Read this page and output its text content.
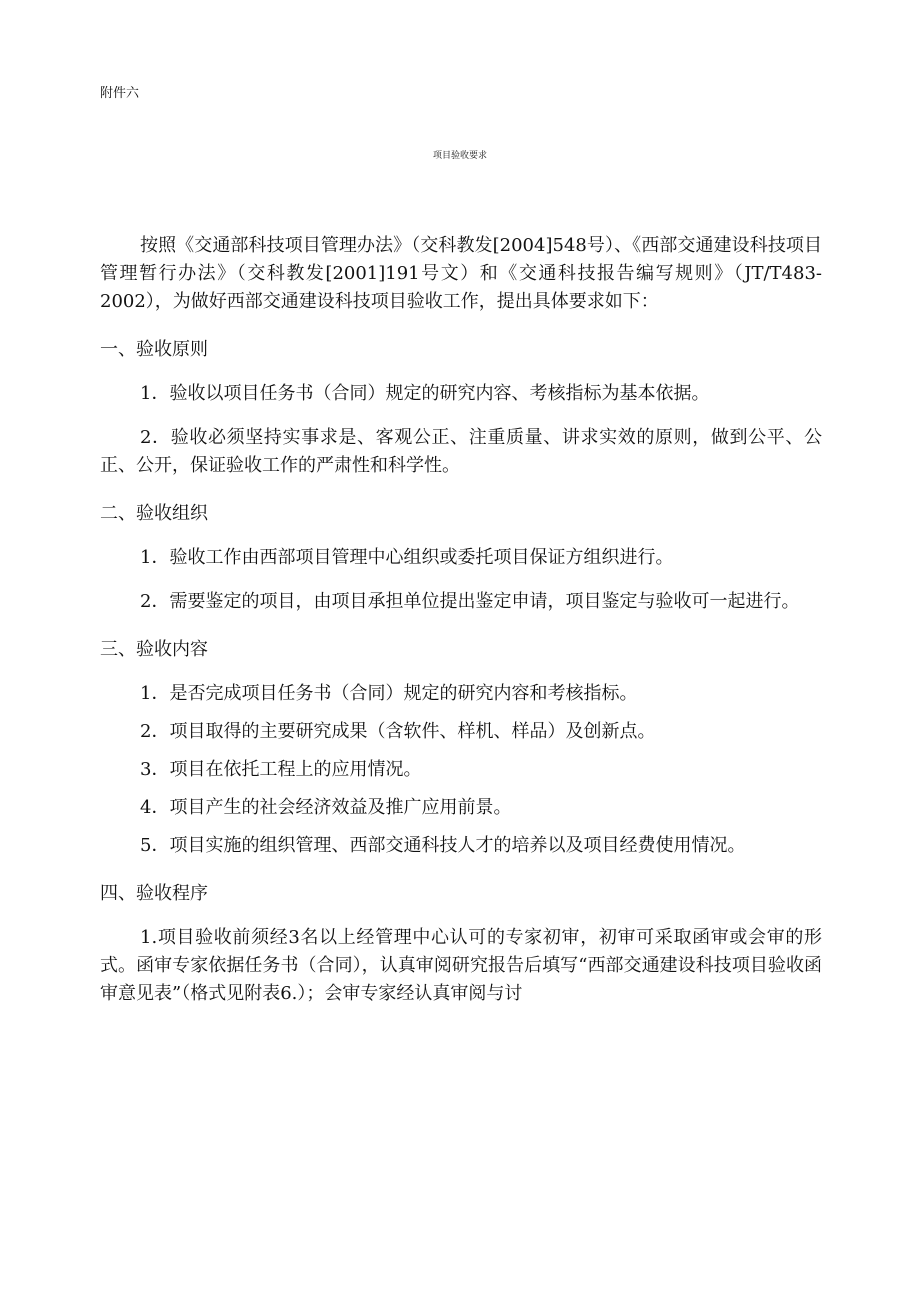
附件六
项目验收要求

按照《交通部科技项目管理办法》（交科教发[2004]548号）、《西部交通建设科技项目管理暂行办法》（交科教发[2001]191号文）和《交通科技报告编写规则》（JT/T483-2002），为做好西部交通建设科技项目验收工作，提出具体要求如下：

一、验收原则

1．验收以项目任务书（合同）规定的研究内容、考核指标为基本依据。

2．验收必须坚持实事求是、客观公正、注重质量、讲求实效的原则，做到公平、公正、公开，保证验收工作的严肃性和科学性。

二、验收组织

1．验收工作由西部项目管理中心组织或委托项目保证方组织进行。

2．需要鉴定的项目，由项目承担单位提出鉴定申请，项目鉴定与验收可一起进行。

三、验收内容

1．是否完成项目任务书（合同）规定的研究内容和考核指标。

2．项目取得的主要研究成果（含软件、样机、样品）及创新点。

3．项目在依托工程上的应用情况。

4．项目产生的社会经济效益及推广应用前景。

5．项目实施的组织管理、西部交通科技人才的培养以及项目经费使用情况。

四、验收程序

1.项目验收前须经3名以上经管理中心认可的专家初审，初审可采取函审或会审的形式。函审专家依据任务书（合同），认真审阅研究报告后填写“西部交通建设科技项目验收函审意见表”（格式见附表6.）；会审专家经认真审阅与讨
